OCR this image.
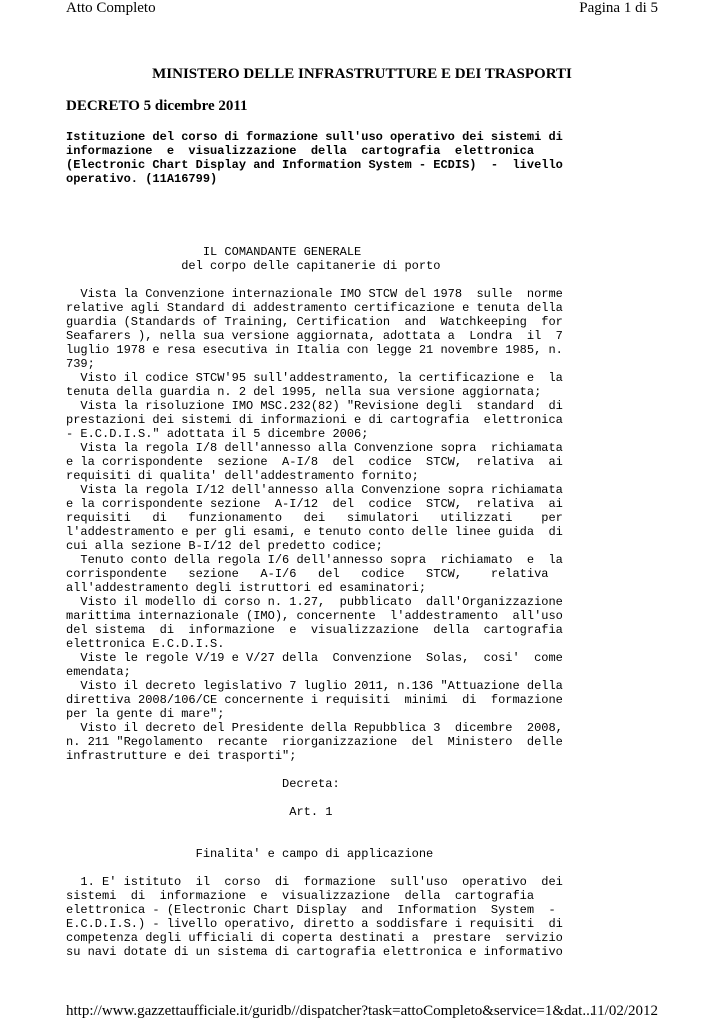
Atto Completo	Pagina 1 di 5
MINISTERO DELLE INFRASTRUTTURE E DEI TRASPORTI
DECRETO 5 dicembre 2011
Istituzione del corso di formazione sull'uso operativo dei sistemi di
informazione  e  visualizzazione  della  cartografia  elettronica
(Electronic Chart Display and Information System - ECDIS)  -  livello
operativo. (11A16799)
IL COMANDANTE GENERALE
del corpo delle capitanerie di porto

Vista la Convenzione internazionale IMO STCW del 1978  sulle  norme
relative agli Standard di addestramento certificazione e tenuta della
guardia (Standards of Training, Certification  and  Watchkeeping  for
Seafarers ), nella sua versione aggiornata, adottata a  Londra  il  7
luglio 1978 e resa esecutiva in Italia con legge 21 novembre 1985, n.
739;
Visto il codice STCW'95 sull'addestramento, la certificazione e  la
tenuta della guardia n. 2 del 1995, nella sua versione aggiornata;
Vista la risoluzione IMO MSC.232(82) "Revisione degli  standard  di
prestazioni dei sistemi di informazioni e di cartografia  elettronica
- E.C.D.I.S." adottata il 5 dicembre 2006;
Vista la regola I/8 dell'annesso alla Convenzione sopra  richiamata
e la corrispondente  sezione  A-I/8  del  codice  STCW,  relativa  ai
requisiti di qualita' dell'addestramento fornito;
Vista la regola I/12 dell'annesso alla Convenzione sopra richiamata
e la corrispondente sezione  A-I/12  del  codice  STCW,  relativa  ai
requisiti   di   funzionamento   dei   simulatori   utilizzati    per
l'addestramento e per gli esami, e tenuto conto delle linee guida  di
cui alla sezione B-I/12 del predetto codice;
Tenuto conto della regola I/6 dell'annesso sopra  richiamato  e  la
corrispondente   sezione   A-I/6   del   codice   STCW,    relativa
all'addestramento degli istruttori ed esaminatori;
Visto il modello di corso n. 1.27,  pubblicato  dall'Organizzazione
marittima internazionale (IMO), concernente  l'addestramento  all'uso
del sistema  di  informazione  e  visualizzazione  della  cartografia
elettronica E.C.D.I.S.
Viste le regole V/19 e V/27 della  Convenzione  Solas,  cosi'  come
emendata;
Visto il decreto legislativo 7 luglio 2011, n.136 "Attuazione della
direttiva 2008/106/CE concernente i requisiti  minimi  di  formazione
per la gente di mare";
Visto il decreto del Presidente della Repubblica 3  dicembre  2008,
n. 211 "Regolamento  recante  riorganizzazione  del  Ministero  delle
infrastrutture e dei trasporti";

Decreta:

Art. 1

Finalita' e campo di applicazione

1. E' istituto  il  corso  di  formazione  sull'uso  operativo  dei
sistemi  di  informazione  e  visualizzazione  della  cartografia
elettronica - (Electronic Chart Display  and  Information  System  -
E.C.D.I.S.) - livello operativo, diretto a soddisfare i requisiti  di
competenza degli ufficiali di coperta destinati a  prestare  servizio
su navi dotate di un sistema di cartografia elettronica e informativo
http://www.gazzettaufficiale.it/guridb//dispatcher?task=attoCompleto&service=1&dat...
11/02/2012
